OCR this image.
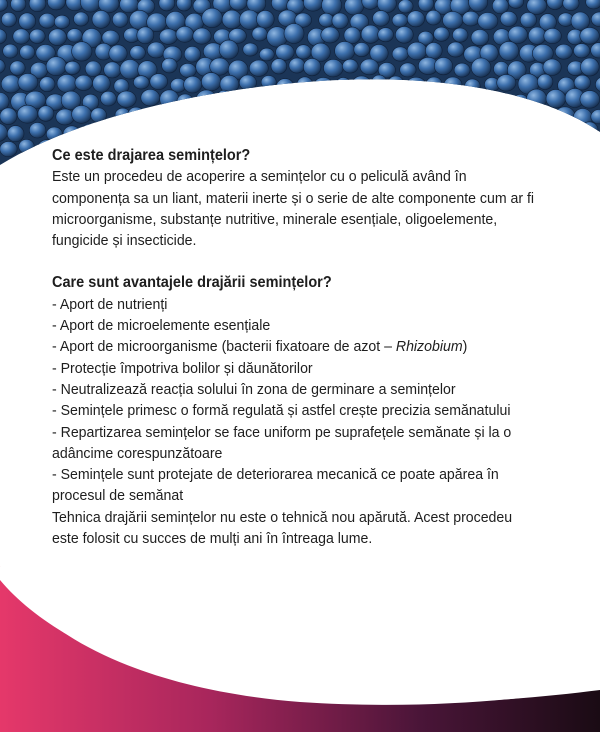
Ce este drajarea semințelor?

Este un procedeu de acoperire a semințelor cu o peliculă având în componența sa un liant, materii inerte și o serie de alte componente cum ar fi microorganisme, substanțe nutritive, minerale esențiale, oligoelemente,

fungicide și insecticide.

Care sunt avantajele drajării semințelor?
- Aport de nutrienți
- Aport de microelemente esențiale
- Aport de microorganisme (bacterii fixatoare de azot – Rhizobium)
- Protecție împotriva bolilor și dăunătorilor
- Neutralizează reacția solului în zona de germinare a semințelor
- Semințele primesc o formă regulată și astfel crește precizia semănatului
- Repartizarea semințelor se face uniform pe suprafețele semănate și la o adâncime corespunzătoare
- Semințele sunt protejate de deteriorarea mecanică ce poate apărea în procesul de semănat

Tehnica drajării semințelor nu este o tehnică nou apărută. Acest procedeu este folosit cu succes de mulți ani în întreaga lume.
